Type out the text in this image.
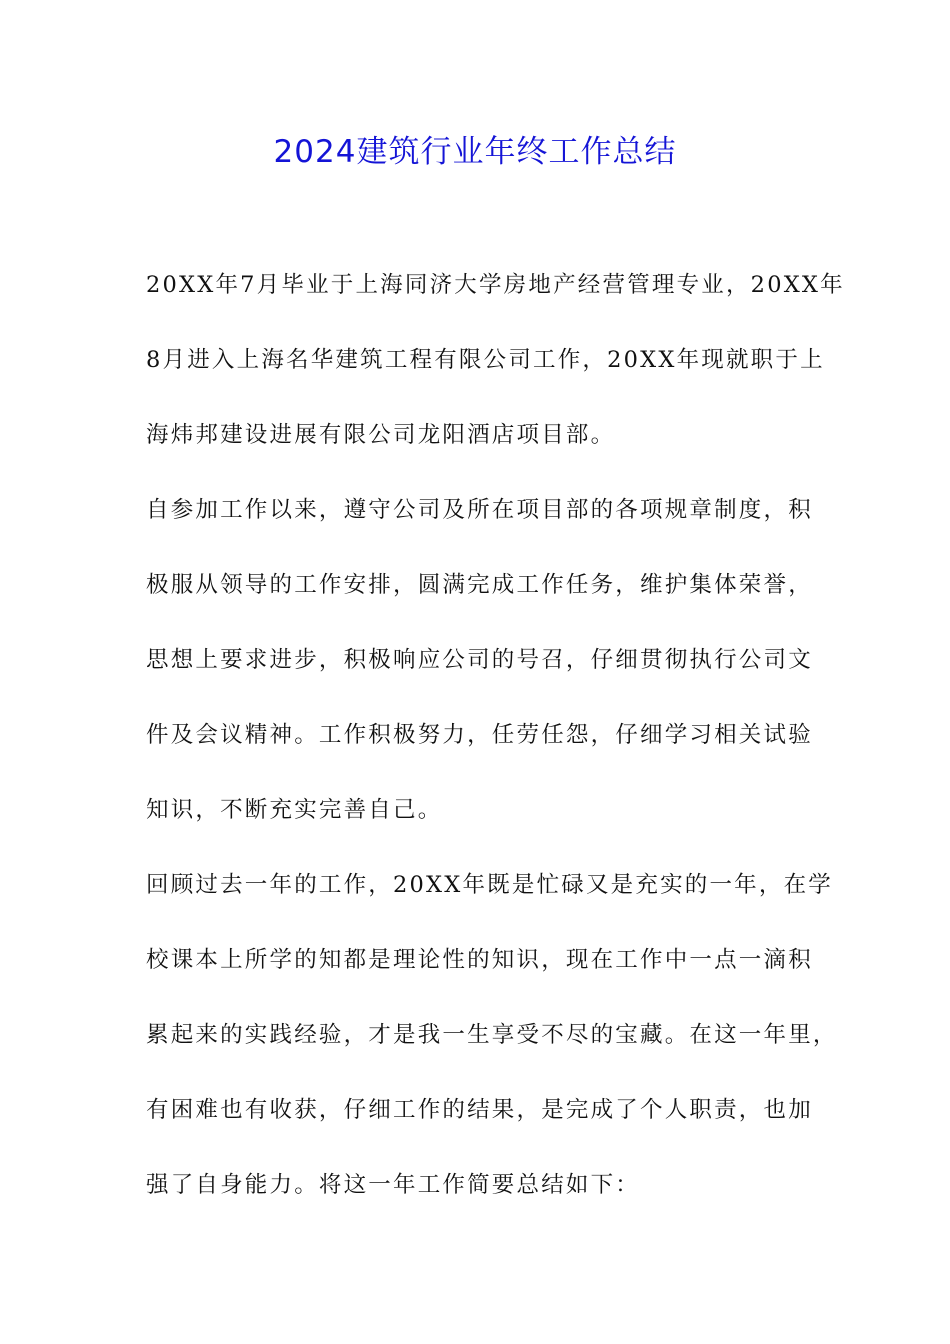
2024建筑行业年终工作总结
20XX年7月毕业于上海同济大学房地产经营管理专业，20XX年
8月进入上海名华建筑工程有限公司工作，20XX年现就职于上
海炜邦建设进展有限公司龙阳酒店项目部。
自参加工作以来，遵守公司及所在项目部的各项规章制度，积
极服从领导的工作安排，圆满完成工作任务，维护集体荣誉，
思想上要求进步，积极响应公司的号召，仔细贯彻执行公司文
件及会议精神。工作积极努力，任劳任怨，仔细学习相关试验
知识，不断充实完善自己。
回顾过去一年的工作，20XX年既是忙碌又是充实的一年，在学
校课本上所学的知都是理论性的知识，现在工作中一点一滴积
累起来的实践经验，才是我一生享受不尽的宝藏。在这一年里，
有困难也有收获，仔细工作的结果，是完成了个人职责，也加
强了自身能力。将这一年工作简要总结如下：
